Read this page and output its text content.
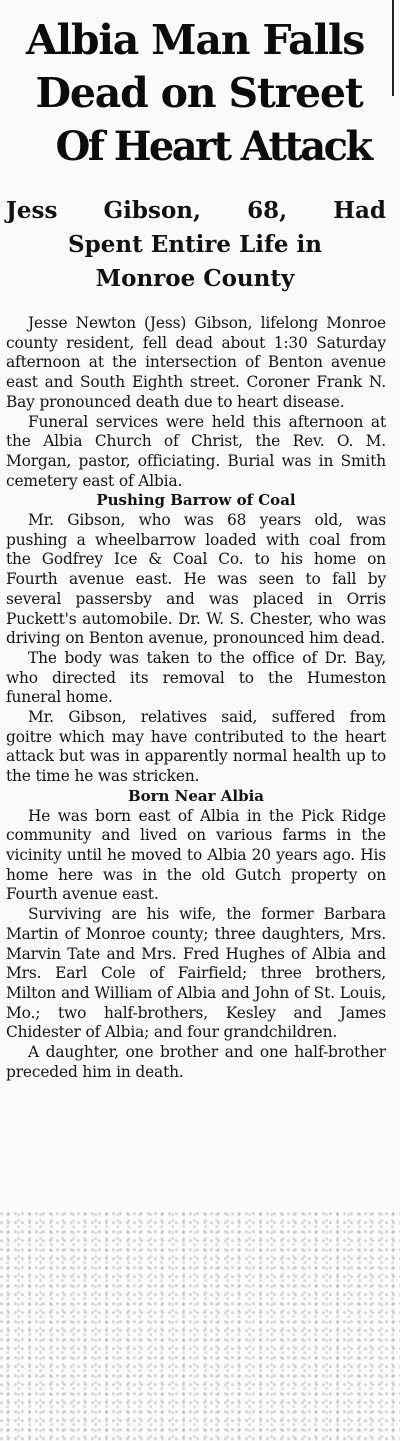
Albia Man Falls
Dead on Street
Of Heart Attack
Jess Gibson, 68, Had
Spent Entire Life in
Monroe County

Jesse Newton (Jess) Gibson, lifelong Monroe county resident, fell dead about 1:30 Saturday afternoon at the intersection of Benton avenue east and South Eighth street. Coroner Frank N. Bay pronounced death due to heart disease.

Funeral services were held this afternoon at the Albia Church of Christ, the Rev. O. M. Morgan, pastor, officiating. Burial was in Smith cemetery east of Albia.

Pushing Barrow of Coal

Mr. Gibson, who was 68 years old, was pushing a wheelbarrow loaded with coal from the Godfrey Ice & Coal Co. to his home on Fourth avenue east. He was seen to fall by several passersby and was placed in Orris Puckett's automobile. Dr. W. S. Chester, who was driving on Benton avenue, pronounced him dead.

The body was taken to the office of Dr. Bay, who directed its removal to the Humeston funeral home.

Mr. Gibson, relatives said, suffered from goitre which may have contributed to the heart attack but was in apparently normal health up to the time he was stricken.

Born Near Albia

He was born east of Albia in the Pick Ridge community and lived on various farms in the vicinity until he moved to Albia 20 years ago. His home here was in the old Gutch property on Fourth avenue east.

Surviving are his wife, the former Barbara Martin of Monroe county; three daughters, Mrs. Marvin Tate and Mrs. Fred Hughes of Albia and Mrs. Earl Cole of Fairfield; three brothers, Milton and William of Albia and John of St. Louis, Mo.; two half-brothers, Kesley and James Chidester of Albia; and four grandchildren.

A daughter, one brother and one half-brother preceded him in death.
